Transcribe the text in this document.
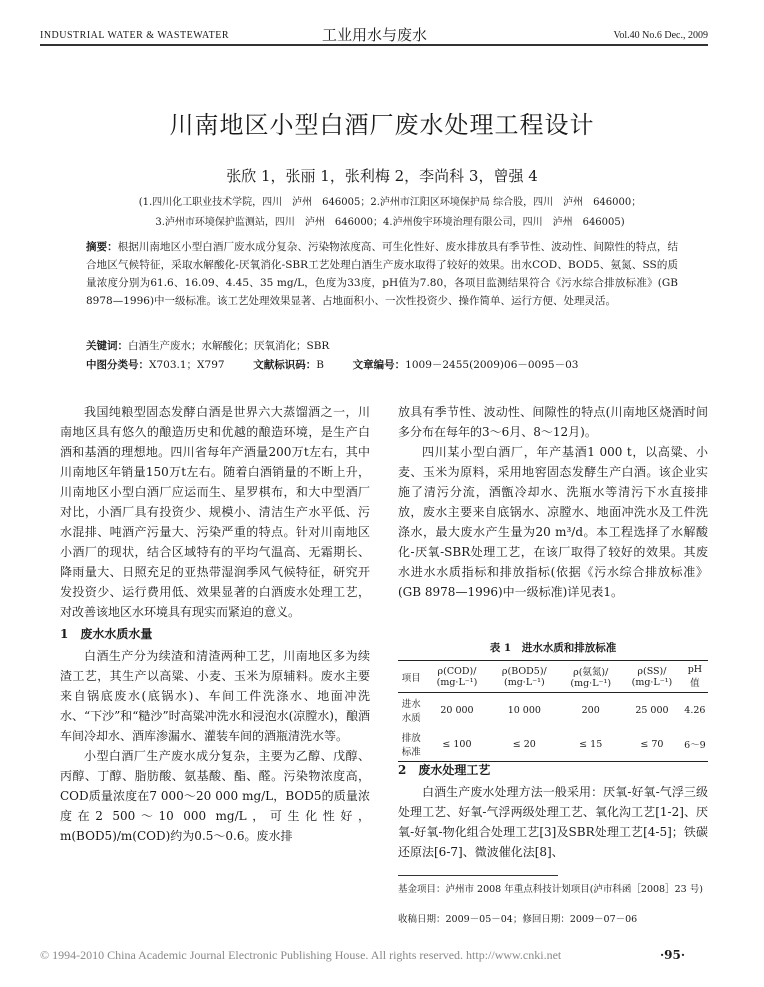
INDUSTRIAL WATER & WASTEWATER	工业用水与废水	Vol.40 No.6 Dec., 2009
川南地区小型白酒厂废水处理工程设计
张欣 1，张丽 1，张利梅 2，李尚科 3，曾强 4
(1.四川化工职业技术学院，四川　泸州　646005；2.泸州市江阳区环境保护局 综合股，四川　泸州　646000；
3.泸州市环境保护监测站，四川　泸州　646000；4.泸州俊宇环境治理有限公司，四川　泸州　646005)
摘要：根据川南地区小型白酒厂废水成分复杂、污染物浓度高、可生化性好、废水排放具有季节性、波动性、间隙性的特点，结合地区气候特征，采取水解酸化-厌氧消化-SBR工艺处理白酒生产废水取得了较好的效果。出水COD、BOD5、氨氮、SS的质量浓度分别为61.6、16.09、4.45、35 mg/L，色度为33度，pH值为7.80，各项目监测结果符合《污水综合排放标准》(GB 8978—1996)中一级标准。该工艺处理效果显著、占地面积小、一次性投资少、操作简单、运行方便、处理灵活。
关键词：白酒生产废水；水解酸化；厌氧消化；SBR
中图分类号：X703.1；X797	文献标识码：B	文章编号：1009－2455(2009)06－0095－03

我国纯粮型固态发酵白酒是世界六大蒸馏酒之一，川南地区具有悠久的酿造历史和优越的酿造环境，是生产白酒和基酒的理想地。四川省每年产酒量200万t左右，其中川南地区年销量150万t左右。随着白酒销量的不断上升，川南地区小型白酒厂应运而生、星罗棋布，和大中型酒厂对比，小酒厂具有投资少、规模小、清洁生产水平低、污水混排、吨酒产污量大、污染严重的特点。针对川南地区小酒厂的现状，结合区域特有的平均气温高、无霜期长、降雨量大、日照充足的亚热带湿润季风气候特征，研究开发投资少、运行费用低、效果显著的白酒废水处理工艺，对改善该地区水环境具有现实而紧迫的意义。

1　废水水质水量

白酒生产分为续渣和清渣两种工艺，川南地区多为续渣工艺，其生产以高粱、小麦、玉米为原辅料。废水主要来自锅底废水(底锅水)、车间工件洗涤水、地面冲洗水、“下沙”和“糙沙”时高粱冲洗水和浸泡水(凉膛水)，酿酒车间冷却水、酒库渗漏水、灌装车间的酒瓶清洗水等。

小型白酒厂生产废水成分复杂，主要为乙醇、戊醇、丙醇、丁醇、脂肪酸、氨基酸、酯、醛。污染物浓度高，COD质量浓度在7 000～20 000 mg/L，BOD5的质量浓度在2 500～10 000 mg/L，可生化性好，m(BOD5)/m(COD)约为0.5～0.6。废水排

放具有季节性、波动性、间隙性的特点(川南地区烧酒时间多分布在每年的3～6月、8～12月)。

四川某小型白酒厂，年产基酒1 000 t，以高粱、小麦、玉米为原料，采用地窖固态发酵生产白酒。该企业实施了清污分流，酒甑冷却水、洗瓶水等清污下水直接排放，废水主要来自底锅水、凉膛水、地面冲洗水及工件洗涤水，最大废水产生量为20 m³/d。本工程选择了水解酸化-厌氧-SBR处理工艺，在该厂取得了较好的效果。其废水进水水质指标和排放指标(依据《污水综合排放标准》(GB 8978—1996)中一级标准)详见表1。

表 1　进水水质和排放标准
项目	ρ(COD)/ (mg·L⁻¹)	ρ(BOD5)/ (mg·L⁻¹)	ρ(氨氮)/ (mg·L⁻¹)	ρ(SS)/ (mg·L⁻¹)	pH 值
进水水质	20 000	10 000	200	25 000	4.26
排放标准	≤ 100	≤ 20	≤ 15	≤ 70	6～9

2　废水处理工艺

白酒生产废水处理方法一般采用：厌氧-好氧-气浮三级处理工艺、好氧-气浮两级处理工艺、氧化沟工艺[1-2]、厌氧-好氧-物化组合处理工艺[3]及SBR处理工艺[4-5]；铁碳还原法[6-7]、微波催化法[8]、

基金项目：泸州市 2008 年重点科技计划项目(泸市科函［2008］23 号)
收稿日期：2009－05－04；修回日期：2009－07－06
© 1994-2010 China Academic Journal Electronic Publishing House. All rights reserved. http://www.cnki.net	·95·
